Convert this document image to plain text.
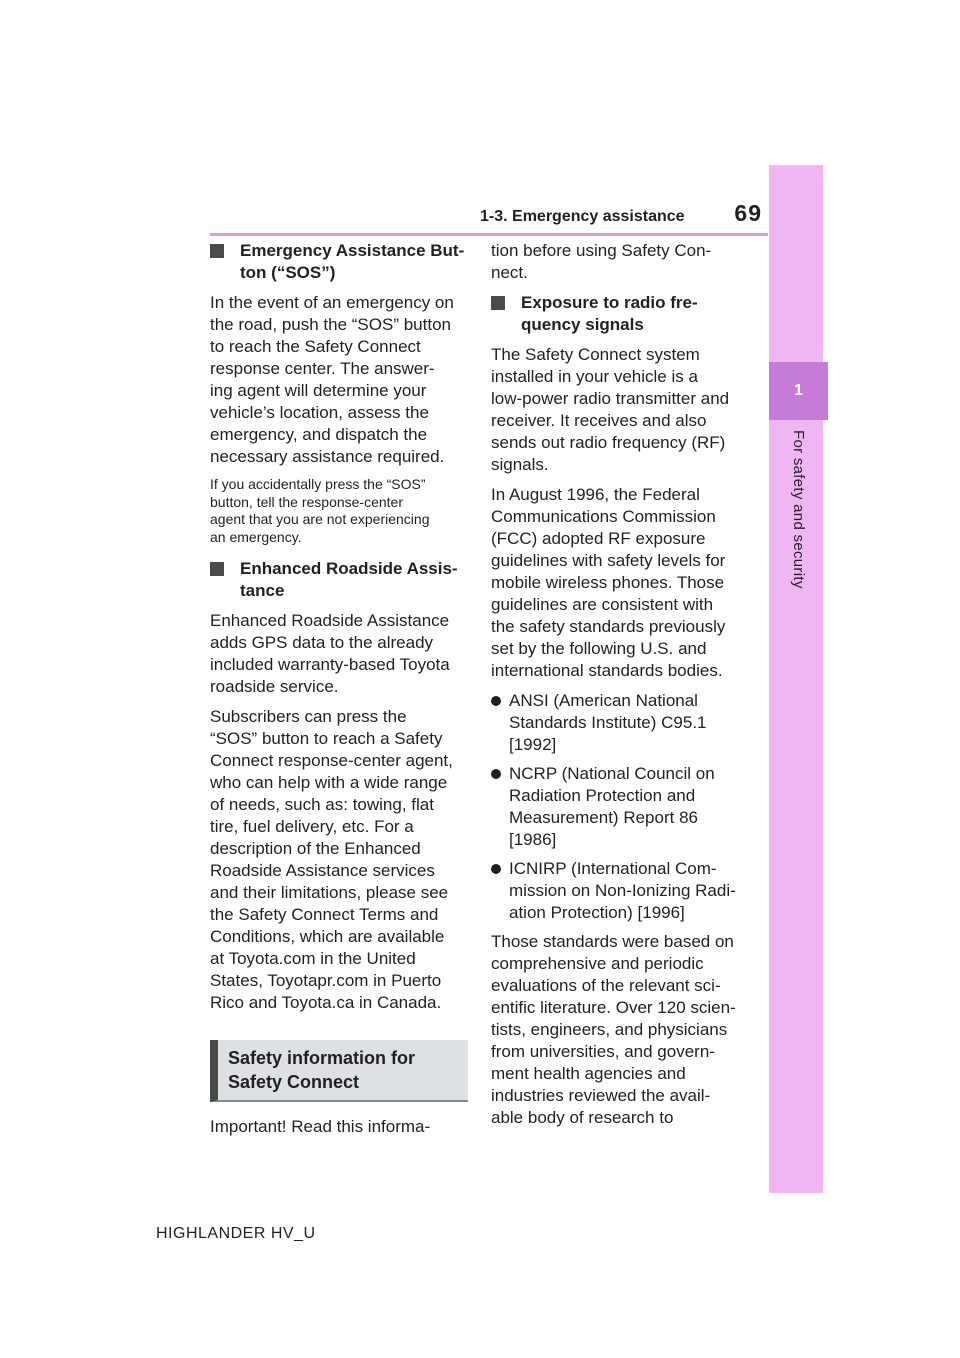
1-3. Emergency assistance	69
1
For safety and security
Emergency Assistance But-
ton (“SOS”)

In the event of an emergency on
the road, push the “SOS” button
to reach the Safety Connect
response center. The answer-
ing agent will determine your
vehicle’s location, assess the
emergency, and dispatch the
necessary assistance required.

If you accidentally press the “SOS”
button, tell the response-center
agent that you are not experiencing
an emergency.

Enhanced Roadside Assis-
tance

Enhanced Roadside Assistance
adds GPS data to the already
included warranty-based Toyota
roadside service.

Subscribers can press the
“SOS” button to reach a Safety
Connect response-center agent,
who can help with a wide range
of needs, such as: towing, flat
tire, fuel delivery, etc. For a
description of the Enhanced
Roadside Assistance services
and their limitations, please see
the Safety Connect Terms and
Conditions, which are available
at Toyota.com in the United
States, Toyotapr.com in Puerto
Rico and Toyota.ca in Canada.

Safety information for
Safety Connect

Important! Read this informa-

tion before using Safety Con-
nect.

Exposure to radio fre-
quency signals

The Safety Connect system
installed in your vehicle is a
low-power radio transmitter and
receiver. It receives and also
sends out radio frequency (RF)
signals.

In August 1996, the Federal
Communications Commission
(FCC) adopted RF exposure
guidelines with safety levels for
mobile wireless phones. Those
guidelines are consistent with
the safety standards previously
set by the following U.S. and
international standards bodies.

ANSI (American National
Standards Institute) C95.1
[1992]
NCRP (National Council on
Radiation Protection and
Measurement) Report 86
[1986]
ICNIRP (International Com-
mission on Non-Ionizing Radi-
ation Protection) [1996]

Those standards were based on
comprehensive and periodic
evaluations of the relevant sci-
entific literature. Over 120 scien-
tists, engineers, and physicians
from universities, and govern-
ment health agencies and
industries reviewed the avail-
able body of research to

HIGHLANDER HV_U
